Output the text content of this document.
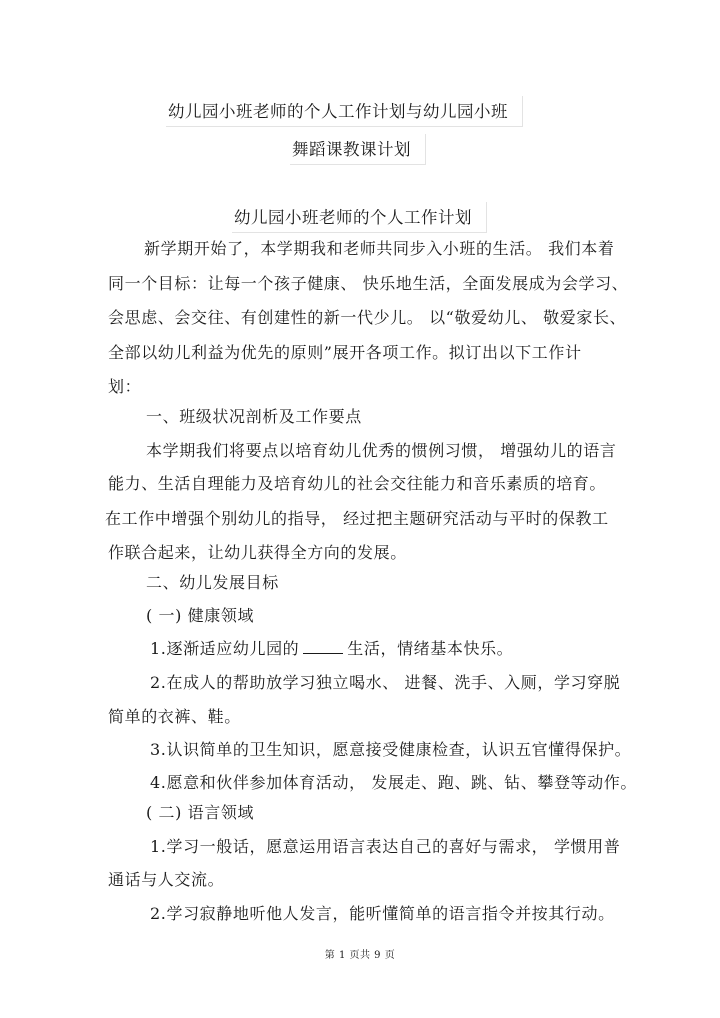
幼儿园小班老师的个人工作计划与幼儿园小班
舞蹈课教课计划
幼儿园小班老师的个人工作计划
新学期开始了，本学期我和老师共同步入小班的生活。 我们本着
同一个目标：让每一个孩子健康、 快乐地生活，全面发展成为会学习、
会思虑、会交往、有创建性的新一代少儿。 以“敬爱幼儿、 敬爱家长、
全部以幼儿利益为优先的原则”展开各项工作。拟订出以下工作计
划：
一、班级状况剖析及工作要点
本学期我们将要点以培育幼儿优秀的惯例习惯， 增强幼儿的语言
能力、生活自理能力及培育幼儿的社会交往能力和音乐素质的培育。
在工作中增强个别幼儿的指导， 经过把主题研究活动与平时的保教工
作联合起来，让幼儿获得全方向的发展。
二、幼儿发展目标
( 一) 健康领域
1.逐渐适应幼儿园的	生活，情绪基本快乐。
2.在成人的帮助放学习独立喝水、 进餐、洗手、入厕，学习穿脱
简单的衣裤、鞋。
3.认识简单的卫生知识，愿意接受健康检查，认识五官懂得保护。
4.愿意和伙伴参加体育活动， 发展走、跑、跳、钻、攀登等动作。
( 二) 语言领域
1.学习一般话，愿意运用语言表达自己的喜好与需求， 学惯用普
通话与人交流。
2.学习寂静地听他人发言，能听懂简单的语言指令并按其行动。
第 1 页共 9 页
